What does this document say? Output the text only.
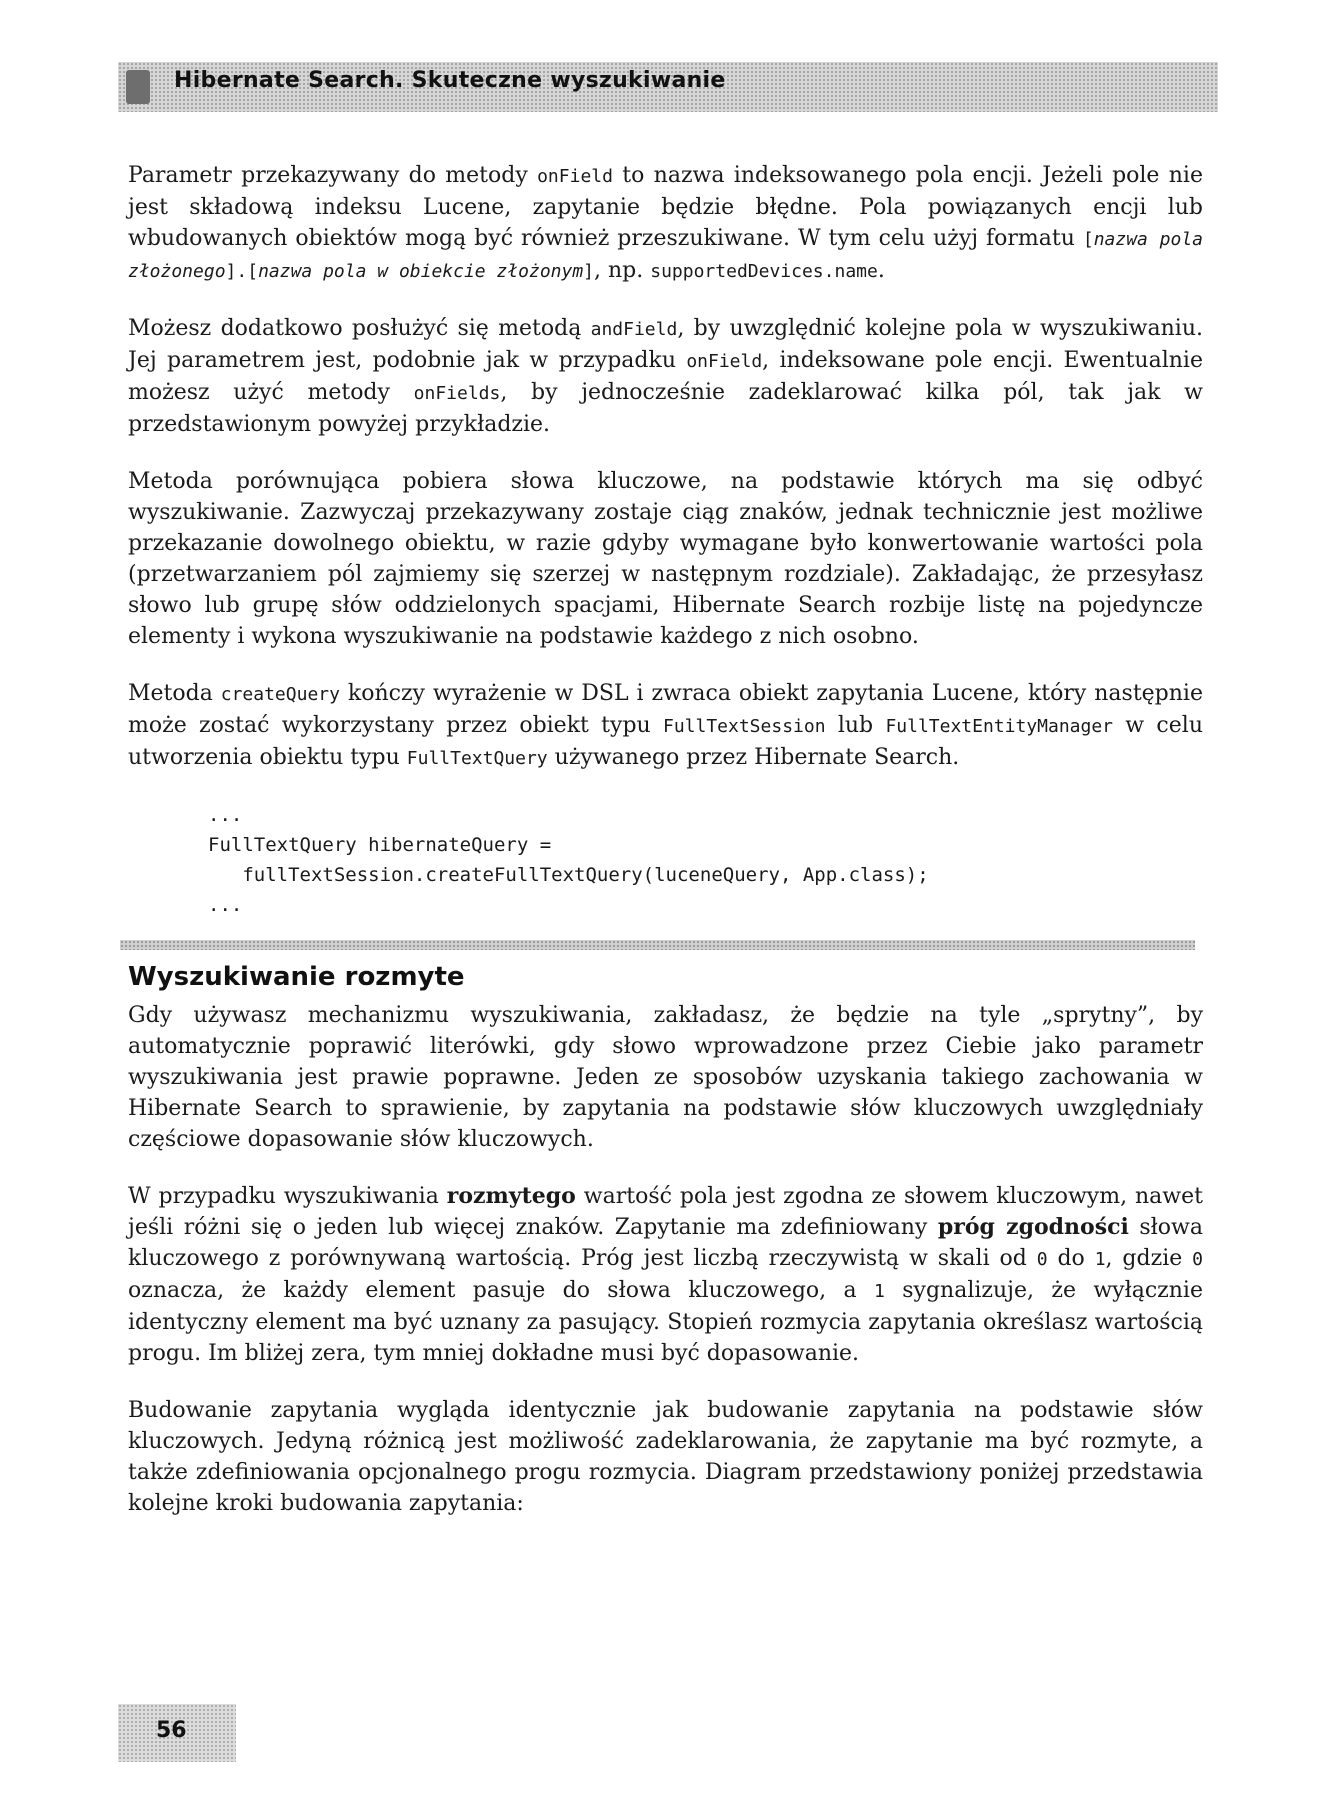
Hibernate Search. Skuteczne wyszukiwanie

Parametr przekazywany do metody onField to nazwa indeksowanego pola encji. Jeżeli pole nie jest składową indeksu Lucene, zapytanie będzie błędne. Pola powiązanych encji lub wbudowanych obiektów mogą być również przeszukiwane. W tym celu użyj formatu [nazwa pola złożonego].[nazwa pola w obiekcie złożonym], np. supportedDevices.name.

Możesz dodatkowo posłużyć się metodą andField, by uwzględnić kolejne pola w wyszukiwaniu. Jej parametrem jest, podobnie jak w przypadku onField, indeksowane pole encji. Ewentualnie możesz użyć metody onFields, by jednocześnie zadeklarować kilka pól, tak jak w przedstawionym powyżej przykładzie.

Metoda porównująca pobiera słowa kluczowe, na podstawie których ma się odbyć wyszukiwanie. Zazwyczaj przekazywany zostaje ciąg znaków, jednak technicznie jest możliwe przekazanie dowolnego obiektu, w razie gdyby wymagane było konwertowanie wartości pola (przetwarzaniem pól zajmiemy się szerzej w następnym rozdziale). Zakładając, że przesyłasz słowo lub grupę słów oddzielonych spacjami, Hibernate Search rozbije listę na pojedyncze elementy i wykona wyszukiwanie na podstawie każdego z nich osobno.

Metoda createQuery kończy wyrażenie w DSL i zwraca obiekt zapytania Lucene, który następnie może zostać wykorzystany przez obiekt typu FullTextSession lub FullTextEntityManager w celu utworzenia obiektu typu FullTextQuery używanego przez Hibernate Search.

...
FullTextQuery hibernateQuery =
fullTextSession.createFullTextQuery(luceneQuery, App.class);
...
Wyszukiwanie rozmyte

Gdy używasz mechanizmu wyszukiwania, zakładasz, że będzie na tyle „sprytny”, by automatycznie poprawić literówki, gdy słowo wprowadzone przez Ciebie jako parametr wyszukiwania jest prawie poprawne. Jeden ze sposobów uzyskania takiego zachowania w Hibernate Search to sprawienie, by zapytania na podstawie słów kluczowych uwzględniały częściowe dopasowanie słów kluczowych.

W przypadku wyszukiwania rozmytego wartość pola jest zgodna ze słowem kluczowym, nawet jeśli różni się o jeden lub więcej znaków. Zapytanie ma zdefiniowany próg zgodności słowa kluczowego z porównywaną wartością. Próg jest liczbą rzeczywistą w skali od 0 do 1, gdzie 0 oznacza, że każdy element pasuje do słowa kluczowego, a 1 sygnalizuje, że wyłącznie identyczny element ma być uznany za pasujący. Stopień rozmycia zapytania określasz wartością progu. Im bliżej zera, tym mniej dokładne musi być dopasowanie.

Budowanie zapytania wygląda identycznie jak budowanie zapytania na podstawie słów kluczowych. Jedyną różnicą jest możliwość zadeklarowania, że zapytanie ma być rozmyte, a także zdefiniowania opcjonalnego progu rozmycia. Diagram przedstawiony poniżej przedstawia kolejne kroki budowania zapytania:

56
